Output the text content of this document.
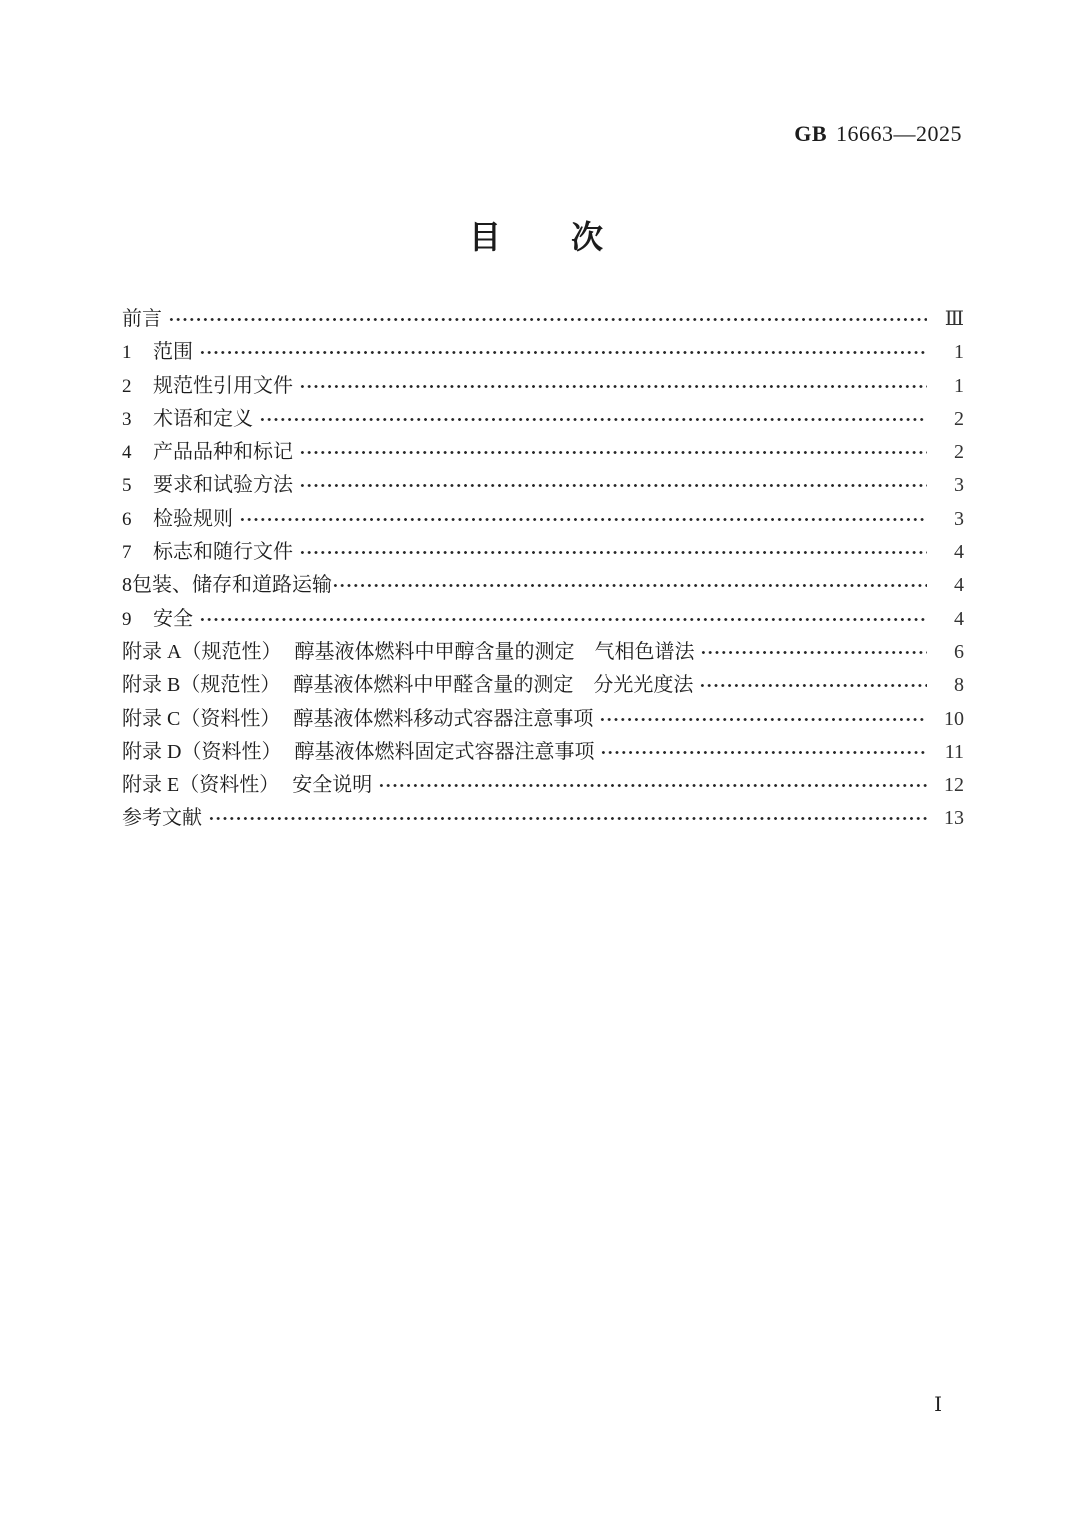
GB 16663—2025
目　　次
前言	Ⅲ
1	范围	1
2	规范性引用文件	1
3	术语和定义	2
4	产品品种和标记	2
5	要求和试验方法	3
6	检验规则	3
7	标志和随行文件	4
8 包装、储存和道路运输	4
9	安全	4
附录 A（规范性） 醇基液体燃料中甲醇含量的测定　气相色谱法	6
附录 B（规范性） 醇基液体燃料中甲醛含量的测定　分光光度法	8
附录 C（资料性） 醇基液体燃料移动式容器注意事项	10
附录 D（资料性） 醇基液体燃料固定式容器注意事项	11
附录 E（资料性） 安全说明	12
参考文献	13
Ⅰ
